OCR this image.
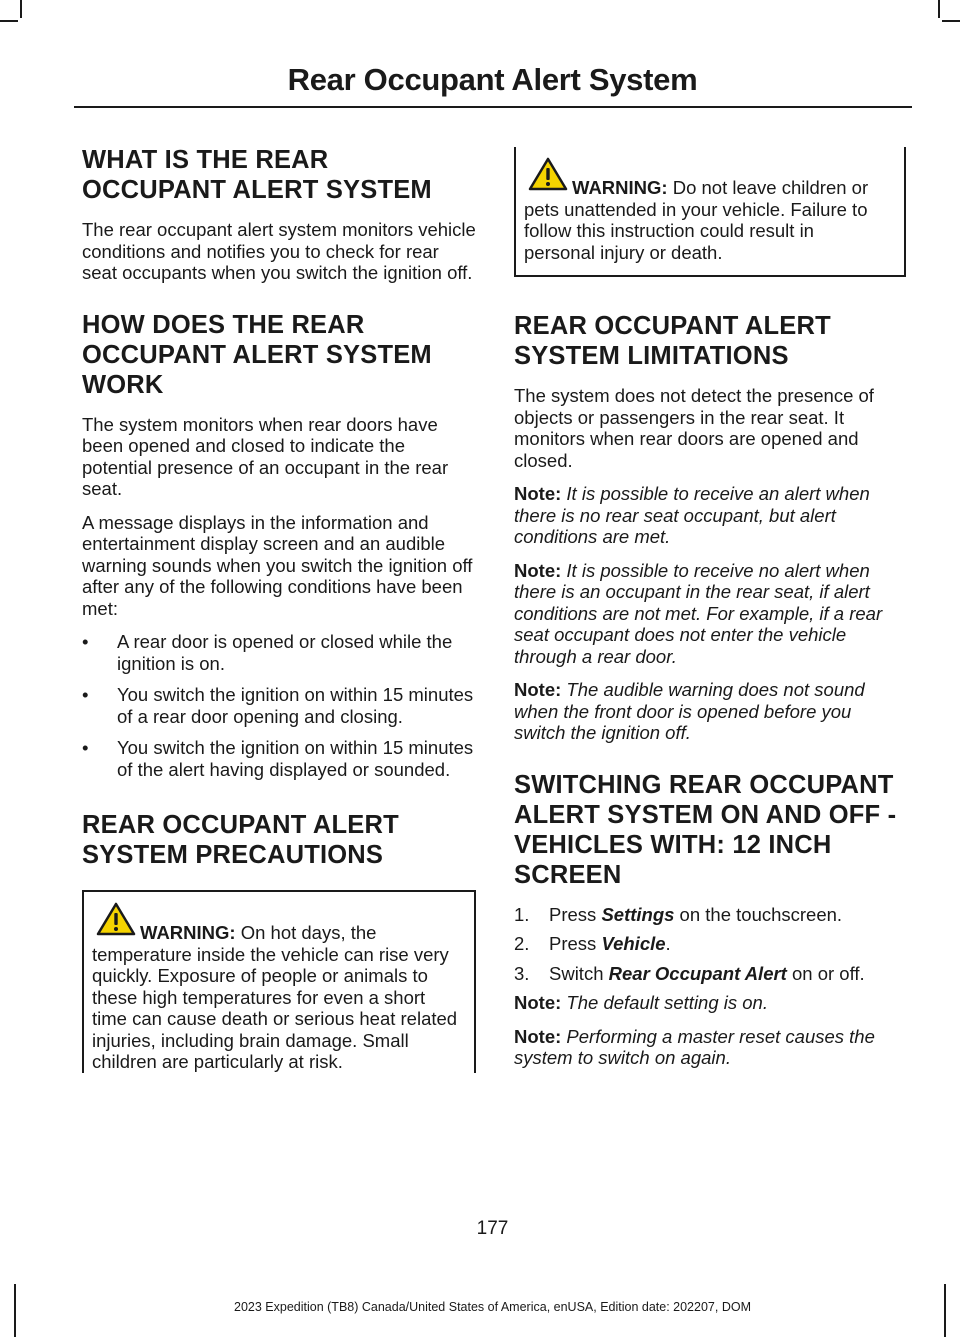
Rear Occupant Alert System
WHAT IS THE REAR
OCCUPANT ALERT SYSTEM

The rear occupant alert system monitors vehicle conditions and notifies you to check for rear seat occupants when you switch the ignition off.

HOW DOES THE REAR
OCCUPANT ALERT SYSTEM
WORK

The system monitors when rear doors have been opened and closed to indicate the potential presence of an occupant in the rear seat.

A message displays in the information and entertainment display screen and an audible warning sounds when you switch the ignition off after any of the following conditions have been met:

• A rear door is opened or closed while the ignition is on.
• You switch the ignition on within 15 minutes of a rear door opening and closing.
• You switch the ignition on within 15 minutes of the alert having displayed or sounded.
REAR OCCUPANT ALERT
SYSTEM PRECAUTIONS

WARNING: On hot days, the temperature inside the vehicle can rise very quickly. Exposure of people or animals to these high temperatures for even a short time can cause death or serious heat related injuries, including brain damage. Small children are particularly at risk.

WARNING: Do not leave children or pets unattended in your vehicle. Failure to follow this instruction could result in personal injury or death.

REAR OCCUPANT ALERT
SYSTEM LIMITATIONS

The system does not detect the presence of objects or passengers in the rear seat. It monitors when rear doors are opened and closed.

Note: It is possible to receive an alert when there is no rear seat occupant, but alert conditions are met.

Note: It is possible to receive no alert when there is an occupant in the rear seat, if alert conditions are not met. For example, if a rear seat occupant does not enter the vehicle through a rear door.

Note: The audible warning does not sound when the front door is opened before you switch the ignition off.

SWITCHING REAR OCCUPANT
ALERT SYSTEM ON AND OFF -
VEHICLES WITH: 12 INCH
SCREEN
1. Press Settings on the touchscreen.
2. Press Vehicle.
3. Switch Rear Occupant Alert on or off.

Note: The default setting is on.

Note: Performing a master reset causes the system to switch on again.

177
2023 Expedition (TB8) Canada/United States of America, enUSA, Edition date: 202207, DOM
